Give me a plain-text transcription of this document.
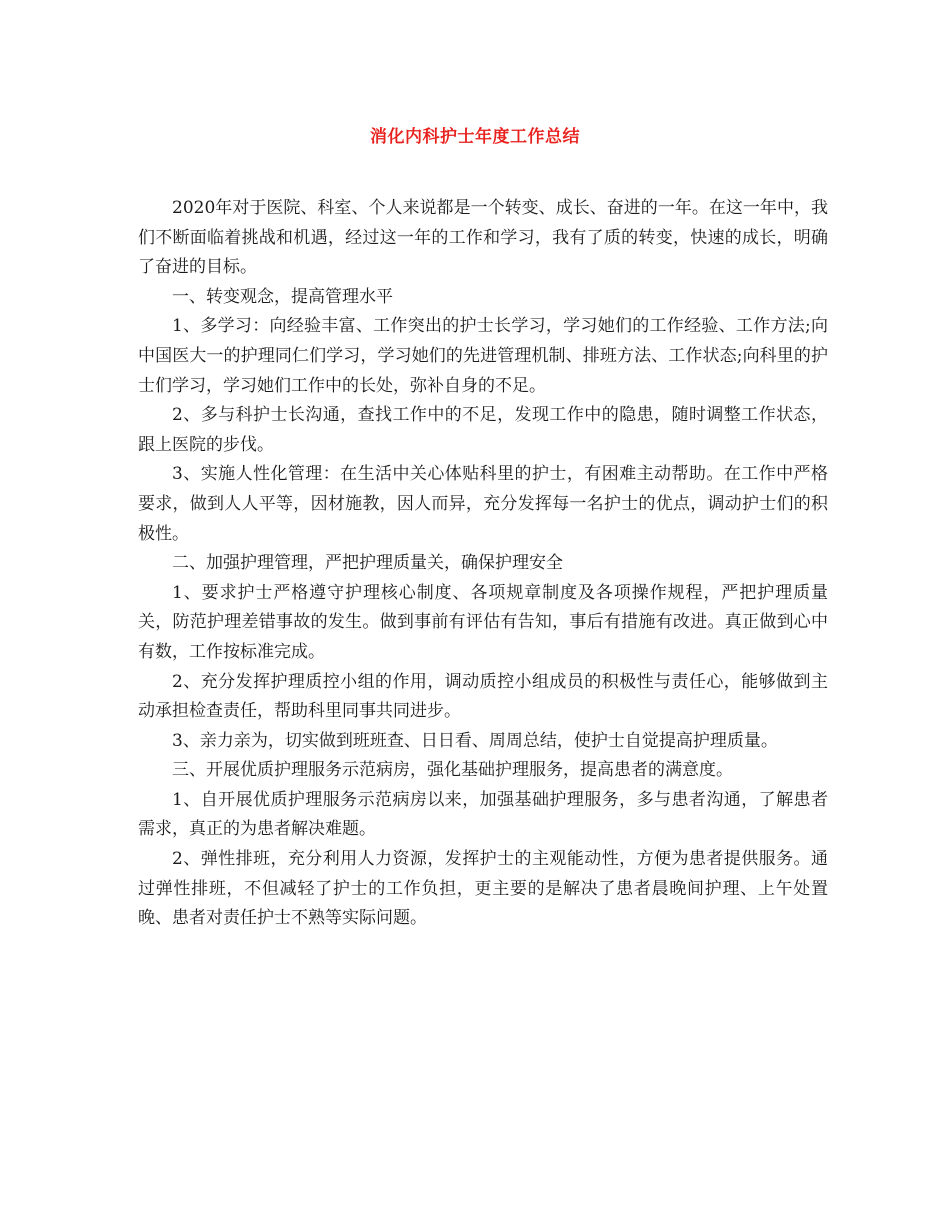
消化内科护士年度工作总结

2020年对于医院、科室、个人来说都是一个转变、成长、奋进的一年。在这一年中，我们不断面临着挑战和机遇，经过这一年的工作和学习，我有了质的转变，快速的成长，明确了奋进的目标。

一、转变观念，提高管理水平

1、多学习：向经验丰富、工作突出的护士长学习，学习她们的工作经验、工作方法;向中国医大一的护理同仁们学习，学习她们的先进管理机制、排班方法、工作状态;向科里的护士们学习，学习她们工作中的长处，弥补自身的不足。

2、多与科护士长沟通，查找工作中的不足，发现工作中的隐患，随时调整工作状态，跟上医院的步伐。

3、实施人性化管理：在生活中关心体贴科里的护士，有困难主动帮助。在工作中严格要求，做到人人平等，因材施教，因人而异，充分发挥每一名护士的优点，调动护士们的积极性。

二、加强护理管理，严把护理质量关，确保护理安全

1、要求护士严格遵守护理核心制度、各项规章制度及各项操作规程，严把护理质量关，防范护理差错事故的发生。做到事前有评估有告知，事后有措施有改进。真正做到心中有数，工作按标准完成。

2、充分发挥护理质控小组的作用，调动质控小组成员的积极性与责任心，能够做到主动承担检查责任，帮助科里同事共同进步。

3、亲力亲为，切实做到班班查、日日看、周周总结，使护士自觉提高护理质量。

三、开展优质护理服务示范病房，强化基础护理服务，提高患者的满意度。

1、自开展优质护理服务示范病房以来，加强基础护理服务，多与患者沟通，了解患者需求，真正的为患者解决难题。

2、弹性排班，充分利用人力资源，发挥护士的主观能动性，方便为患者提供服务。通过弹性排班，不但减轻了护士的工作负担，更主要的是解决了患者晨晚间护理、上午处置晚、患者对责任护士不熟等实际问题。
